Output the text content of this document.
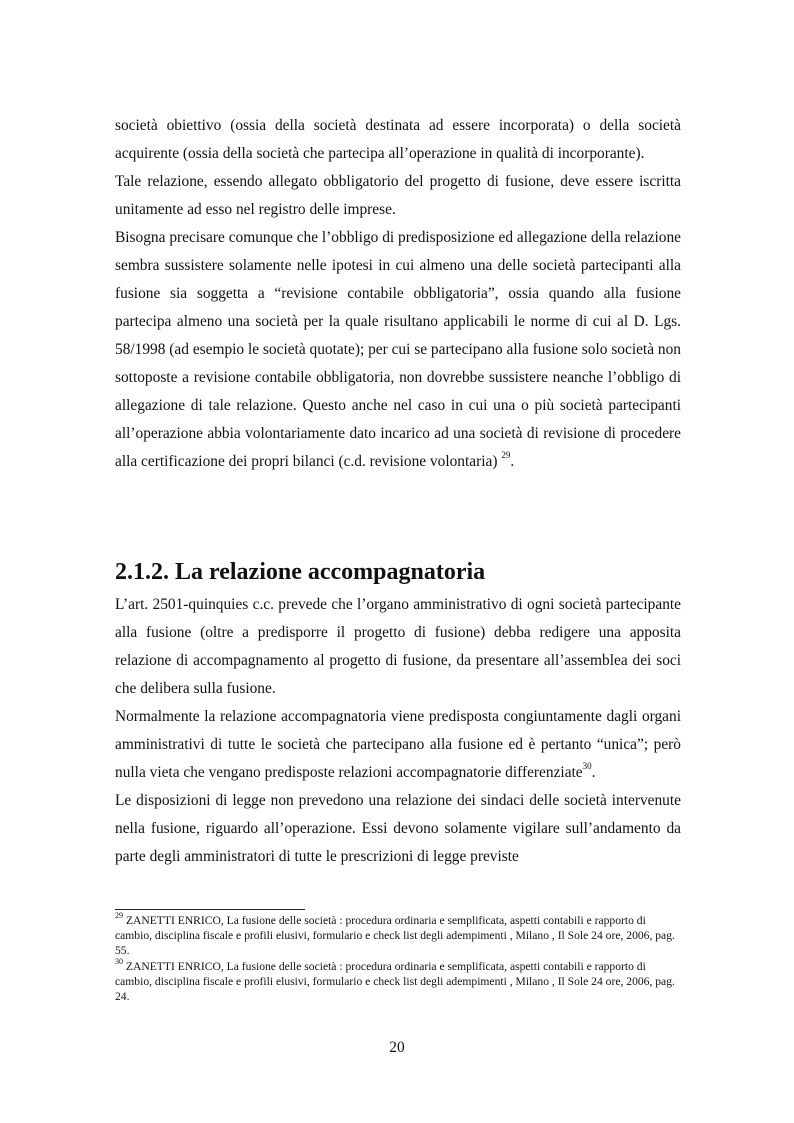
società obiettivo (ossia della società destinata ad essere incorporata) o della società acquirente (ossia della società che partecipa all’operazione in qualità di incorporante).

Tale relazione, essendo allegato obbligatorio del progetto di fusione, deve essere iscritta unitamente ad esso nel registro delle imprese.

Bisogna precisare comunque che l’obbligo di predisposizione ed allegazione della relazione sembra sussistere solamente nelle ipotesi in cui almeno una delle società partecipanti alla fusione sia soggetta a “revisione contabile obbligatoria”, ossia quando alla fusione partecipa almeno una società per la quale risultano applicabili le norme di cui al D. Lgs. 58/1998 (ad esempio le società quotate); per cui se partecipano alla fusione solo società non sottoposte a revisione contabile obbligatoria, non dovrebbe sussistere neanche l’obbligo di allegazione di tale relazione. Questo anche nel caso in cui una o più società partecipanti all’operazione abbia volontariamente dato incarico ad una società di revisione di procedere alla certificazione dei propri bilanci (c.d. revisione volontaria) $^{29}$.

2.1.2. La relazione accompagnatoria

L’art. 2501-quinquies c.c. prevede che l’organo amministrativo di ogni società partecipante alla fusione (oltre a predisporre il progetto di fusione) debba redigere una apposita relazione di accompagnamento al progetto di fusione, da presentare all’assemblea dei soci che delibera sulla fusione.

Normalmente la relazione accompagnatoria viene predisposta congiuntamente dagli organi amministrativi di tutte le società che partecipano alla fusione ed è pertanto “unica”; però nulla vieta che vengano predisposte relazioni accompagnatorie differenziate$^{30}$.

Le disposizioni di legge non prevedono una relazione dei sindaci delle società intervenute nella fusione, riguardo all’operazione. Essi devono solamente vigilare sull’andamento da parte degli amministratori di tutte le prescrizioni di legge previste

$^{29}$ ZANETTI ENRICO, La fusione delle società : procedura ordinaria e semplificata, aspetti contabili e rapporto di cambio, disciplina fiscale e profili elusivi, formulario e check list degli adempimenti , Milano , Il Sole 24 ore, 2006, pag. 55.

$^{30}$ ZANETTI ENRICO, La fusione delle società : procedura ordinaria e semplificata, aspetti contabili e rapporto di cambio, disciplina fiscale e profili elusivi, formulario e check list degli adempimenti , Milano , Il Sole 24 ore, 2006, pag. 24.

20
